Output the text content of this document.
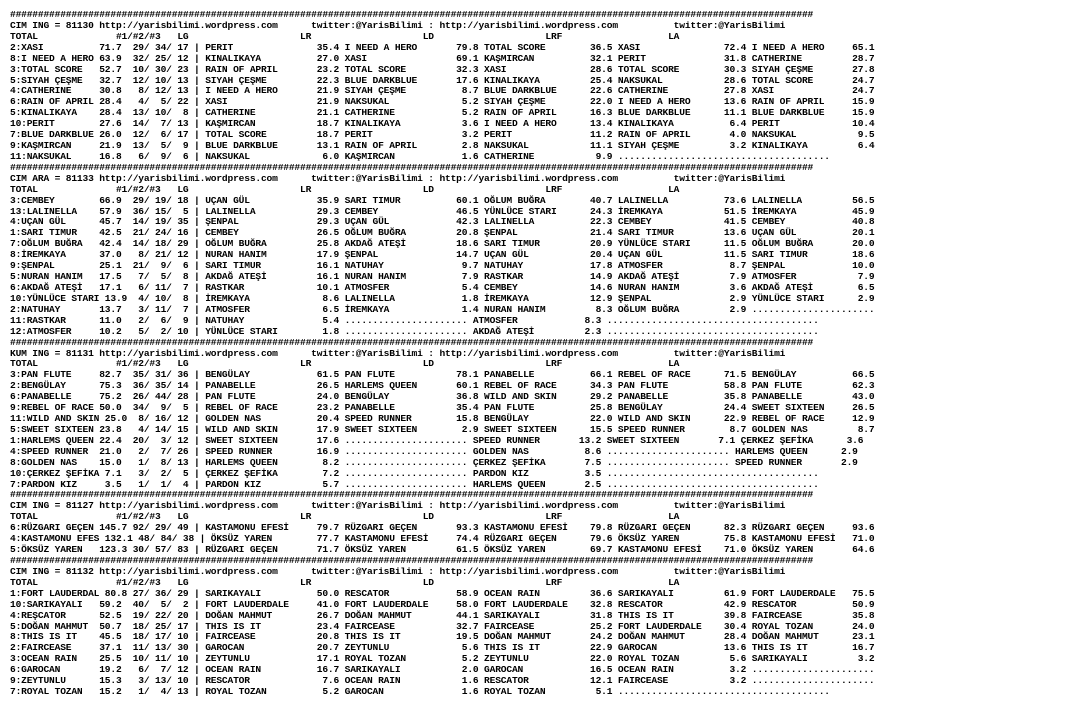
################################################################################################################################################
CIM ING = 81130 http://yarisbilimi.wordpress.com      twitter:@YarisBilimi : http://yarisbilimi.wordpress.com          twitter:@YarisBilimi
TOTAL              #1/#2/#3   LG                    LR                    LD                    LRF                   LA
2:XASI          71.7  29/ 34/ 17 | PERIT               35.4 I NEED A HERO       79.8 TOTAL SCORE        36.5 XASI               72.4 I NEED A HERO     65.1
8:I NEED A HERO 63.9  32/ 25/ 12 | KINALIKAYA          27.0 XASI                69.1 KAŞMIRCAN          32.1 PERIT              31.8 CATHERINE         28.7
3:TOTAL SCORE   52.7  10/ 30/ 23 | RAIN OF APRIL       23.2 TOTAL SCORE         32.3 XASI               28.6 TOTAL SCORE        30.3 SIYAH ÇEŞME       27.8
5:SIYAH ÇEŞME   32.7  12/ 10/ 13 | SIYAH ÇEŞME         22.3 BLUE DARKBLUE       17.6 KINALIKAYA         25.4 NAKSUKAL           28.6 TOTAL SCORE       24.7
4:CATHERINE     30.8   8/ 12/ 13 | I NEED A HERO       21.9 SIYAH ÇEŞME          8.7 BLUE DARKBLUE      22.6 CATHERINE          27.8 XASI              24.7
6:RAIN OF APRIL 28.4   4/  5/ 22 | XASI                21.9 NAKSUKAL             5.2 SIYAH ÇEŞME        22.0 I NEED A HERO      13.6 RAIN OF APRIL     15.9
5:KINALIKAYA    28.4  13/ 10/  8 | CATHERINE           21.1 CATHERINE            5.2 RAIN OF APRIL      16.3 BLUE DARKBLUE      11.1 BLUE DARKBLUE     15.9
10:PERIT        27.6  14/  7/ 13 | KAŞMIRCAN           18.7 KINALIKAYA           3.6 I NEED A HERO      13.4 KINALIKAYA          6.4 PERIT             10.4
7:BLUE DARKBLUE 26.0  12/  6/ 17 | TOTAL SCORE         18.7 PERIT                3.2 PERIT              11.2 RAIN OF APRIL       4.0 NAKSUKAL           9.5
9:KAŞMIRCAN     21.9  13/  5/  9 | BLUE DARKBLUE       13.1 RAIN OF APRIL        2.8 NAKSUKAL           11.1 SIYAH ÇEŞME         3.2 KINALIKAYA         6.4
11:NAKSUKAL     16.8   6/  9/  6 | NAKSUKAL             6.0 KAŞMIRCAN            1.6 CATHERINE           9.9 ......................................
################################################################################################################################################
CIM ARA = 81133 http://yarisbilimi.wordpress.com      twitter:@YarisBilimi : http://yarisbilimi.wordpress.com          twitter:@YarisBilimi
TOTAL              #1/#2/#3   LG                    LR                    LD                    LRF                   LA
3:CEMBEY        66.9  29/ 19/ 18 | UÇAN GÜL            35.9 SARI TIMUR          60.1 OĞLUM BUĞRA        40.7 LALINELLA          73.6 LALINELLA         56.5
13:LALINELLA    57.9  36/ 15/  5 | LALINELLA           29.3 CEMBEY              46.5 YÜNLÜCE STARI      24.3 İREMKAYA           51.5 İREMKAYA          45.9
4:UÇAN GÜL      45.7  14/ 19/ 35 | ŞENPAL              29.3 UÇAN GÜL            42.3 LALINELLA          22.3 CEMBEY             41.5 CEMBEY            40.8
1:SARI TIMUR    42.5  21/ 24/ 16 | CEMBEY              26.5 OĞLUM BUĞRA         20.8 ŞENPAL             21.4 SARI TIMUR         13.6 UÇAN GÜL          20.1
7:OĞLUM BUĞRA   42.4  14/ 18/ 29 | OĞLUM BUĞRA         25.8 AKDAĞ ATEŞİ         18.6 SARI TIMUR         20.9 YÜNLÜCE STARI      11.5 OĞLUM BUĞRA       20.0
8:İREMKAYA      37.0   8/ 21/ 12 | NURAN HANIM         17.9 ŞENPAL              14.7 UÇAN GÜL           20.4 UÇAN GÜL           11.5 SARI TIMUR        18.6
9:ŞENPAL        25.1  21/  9/  6 | SARI TIMUR          16.1 NATUHAY              9.7 NATUHAY            17.8 ATMOSFER            8.7 ŞENPAL            10.0
5:NURAN HANIM   17.5   7/  5/  8 | AKDAĞ ATEŞİ         16.1 NURAN HANIM          7.9 RASTKAR            14.9 AKDAĞ ATEŞİ         7.9 ATMOSFER           7.9
6:AKDAĞ ATEŞİ   17.1   6/ 11/  7 | RASTKAR             10.1 ATMOSFER             5.4 CEMBEY             14.6 NURAN HANIM         3.6 AKDAĞ ATEŞİ        6.5
10:YÜNLÜCE STARI 13.9  4/ 10/  8 | İREMKAYA             8.6 LALINELLA            1.8 İREMKAYA           12.9 ŞENPAL              2.9 YÜNLÜCE STARI      2.9
2:NATUHAY       13.7   3/ 11/  7 | ATMOSFER             6.5 İREMKAYA             1.4 NURAN HANIM         8.3 OĞLUM BUĞRA         2.9 ......................
11:RASTKAR      11.0   2/  6/  9 | NATUHAY              5.4 ...................... ATMOSFER            8.3 ......................................
12:ATMOSFER     10.2   5/  2/ 10 | YÜNLÜCE STARI        1.8 ...................... AKDAĞ ATEŞİ         2.3 ......................................
################################################################################################################################################
KUM ING = 81131 http://yarisbilimi.wordpress.com      twitter:@YarisBilimi : http://yarisbilimi.wordpress.com          twitter:@YarisBilimi
TOTAL              #1/#2/#3   LG                    LR                    LD                    LRF                   LA
3:PAN FLUTE     82.7  35/ 31/ 36 | BENGÜLAY            61.5 PAN FLUTE           78.1 PANABELLE          66.1 REBEL OF RACE      71.5 BENGÜLAY          66.5
2:BENGÜLAY      75.3  36/ 35/ 14 | PANABELLE           26.5 HARLEMS QUEEN       60.1 REBEL OF RACE      34.3 PAN FLUTE          58.8 PAN FLUTE         62.3
6:PANABELLE     75.2  26/ 44/ 28 | PAN FLUTE           24.0 BENGÜLAY            36.8 WILD AND SKIN      29.2 PANABELLE          35.8 PANABELLE         43.0
9:REBEL OF RACE 50.0  34/  9/  5 | REBEL OF RACE       23.2 PANABELLE           35.4 PAN FLUTE          25.8 BENGÜLAY           24.4 SWEET SIXTEEN     26.5
11:WILD AND SKIN 25.0  8/ 16/ 12 | GOLDEN NAS          20.4 SPEED RUNNER        15.8 BENGÜLAY           22.0 WILD AND SKIN      22.9 REBEL OF RACE     12.9
5:SWEET SIXTEEN 23.8   4/ 14/ 15 | WILD AND SKIN       17.9 SWEET SIXTEEN        2.9 SWEET SIXTEEN      15.5 SPEED RUNNER        8.7 GOLDEN NAS         8.7
1:HARLEMS QUEEN 22.4  20/  3/ 12 | SWEET SIXTEEN       17.6 ...................... SPEED RUNNER       13.2 SWEET SIXTEEN       7.1 ÇERKEZ ŞEFİKA      3.6
4:SPEED RUNNER  21.0   2/  7/ 26 | SPEED RUNNER        16.9 ...................... GOLDEN NAS          8.6 ...................... HARLEMS QUEEN      2.9
8:GOLDEN NAS    15.0   1/  8/ 13 | HARLEMS QUEEN        8.2 ...................... ÇERKEZ ŞEFİKA       7.5 ...................... SPEED RUNNER       2.9
10:ÇERKEZ ŞEFİKA 7.1   3/  2/  5 | ÇERKEZ ŞEFİKA        7.2 ...................... PARDON KIZ          3.5 ......................................
7:PARDON KIZ     3.5   1/  1/  4 | PARDON KIZ           5.7 ...................... HARLEMS QUEEN       2.5 ......................................
################################################################################################################################################
CIM ING = 81127 http://yarisbilimi.wordpress.com      twitter:@YarisBilimi : http://yarisbilimi.wordpress.com          twitter:@YarisBilimi
TOTAL              #1/#2/#3   LG                    LR                    LD                    LRF                   LA
6:RÜZGARI GEÇEN 145.7 92/ 29/ 49 | KASTAMONU EFESİ     79.7 RÜZGARI GEÇEN       93.3 KASTAMONU EFESİ    79.8 RÜZGARI GEÇEN      82.3 RÜZGARI GEÇEN     93.6
4:KASTAMONU EFES 132.1 48/ 84/ 38 | ÖKSÜZ YAREN        77.7 KASTAMONU EFESİ     74.4 RÜZGARI GEÇEN      79.6 ÖKSÜZ YAREN        75.8 KASTAMONU EFESİ   71.0
5:ÖKSÜZ YAREN   123.3 30/ 57/ 83 | RÜZGARI GEÇEN       71.7 ÖKSÜZ YAREN         61.5 ÖKSÜZ YAREN        69.7 KASTAMONU EFESİ    71.0 ÖKSÜZ YAREN       64.6
################################################################################################################################################
CIM ING = 81132 http://yarisbilimi.wordpress.com      twitter:@YarisBilimi : http://yarisbilimi.wordpress.com          twitter:@YarisBilimi
TOTAL              #1/#2/#3   LG                    LR                    LD                    LRF                   LA
1:FORT LAUDERDAL 80.8 27/ 36/ 29 | SARIKAYALI          50.0 RESCATOR            58.9 OCEAN RAIN         36.6 SARIKAYALI         61.9 FORT LAUDERDALE   75.5
10:SARIKAYALI   59.2  40/  5/  2 | FORT LAUDERDALE     41.0 FORT LAUDERDALE     58.0 FORT LAUDERDALE    32.8 RESCATOR           42.9 RESCATOR          50.9
4:REŞCATOR      52.5  19/ 22/ 20 | DOĞAN MAHMUT        26.7 DOĞAN MAHMUT        44.1 SARIKAYALI         31.8 THIS IS IT         39.8 FAIRCEASE         35.8
5:DOĞAN MAHMUT  50.7  18/ 25/ 17 | THIS IS IT          23.4 FAIRCEASE           32.7 FAIRCEASE          25.2 FORT LAUDERDALE    30.4 ROYAL TOZAN       24.0
8:THIS IS IT    45.5  18/ 17/ 10 | FAIRCEASE           20.8 THIS IS IT          19.5 DOĞAN MAHMUT       24.2 DOĞAN MAHMUT       28.4 DOĞAN MAHMUT      23.1
2:FAIRCEASE     37.1  11/ 13/ 30 | GAROCAN             20.7 ZEYTUNLU             5.6 THIS IS IT         22.9 GAROCAN            13.6 THIS IS IT        16.7
3:OCEAN RAIN    25.5  10/ 11/ 10 | ZEYTUNLU            17.1 ROYAL TOZAN          5.2 ZEYTUNLU           22.0 ROYAL TOZAN         5.6 SARIKAYALI         3.2
6:GAROCAN       19.2   6/  7/ 12 | OCEAN RAIN          16.7 SARIKAYALI           2.0 GAROCAN            16.5 OCEAN RAIN          3.2 ......................
9:ZEYTUNLU      15.3   3/ 13/ 10 | RESCATOR             7.6 OCEAN RAIN           1.6 RESCATOR           12.1 FAIRCEASE           3.2 ......................
7:ROYAL TOZAN   15.2   1/  4/ 13 | ROYAL TOZAN          5.2 GAROCAN              1.6 ROYAL TOZAN         5.1 ......................................
